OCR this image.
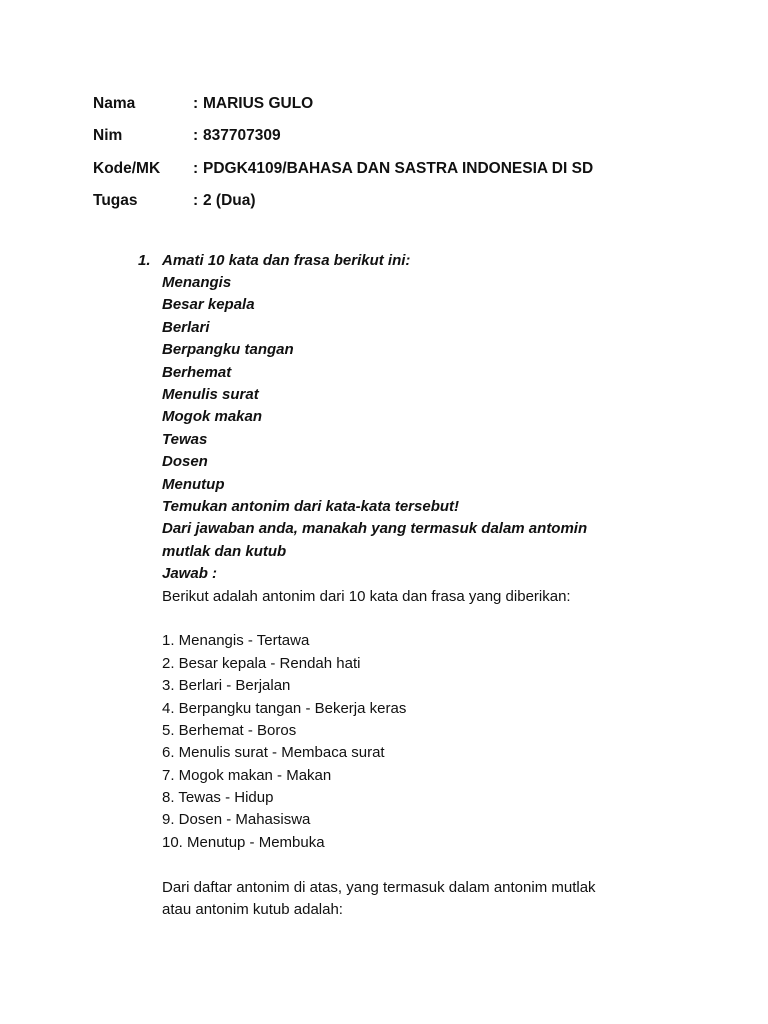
Nama	: MARIUS GULO
Nim	: 837707309
Kode/MK	: PDGK4109/BAHASA DAN SASTRA INDONESIA DI SD
Tugas	: 2 (Dua)
1. Amati 10 kata dan frasa berikut ini:
Menangis
Besar kepala
Berlari
Berpangku tangan
Berhemat
Menulis surat
Mogok makan
Tewas
Dosen
Menutup
Temukan antonim dari kata-kata tersebut!
Dari jawaban anda, manakah yang termasuk dalam antomin
mutlak dan kutub
Jawab :
Berikut adalah antonim dari 10 kata dan frasa yang diberikan:
1. Menangis - Tertawa
2. Besar kepala - Rendah hati
3. Berlari - Berjalan
4. Berpangku tangan - Bekerja keras
5. Berhemat - Boros
6. Menulis surat - Membaca surat
7. Mogok makan - Makan
8. Tewas - Hidup
9. Dosen - Mahasiswa
10. Menutup - Membuka
Dari daftar antonim di atas, yang termasuk dalam antonim mutlak
atau antonim kutub adalah:
